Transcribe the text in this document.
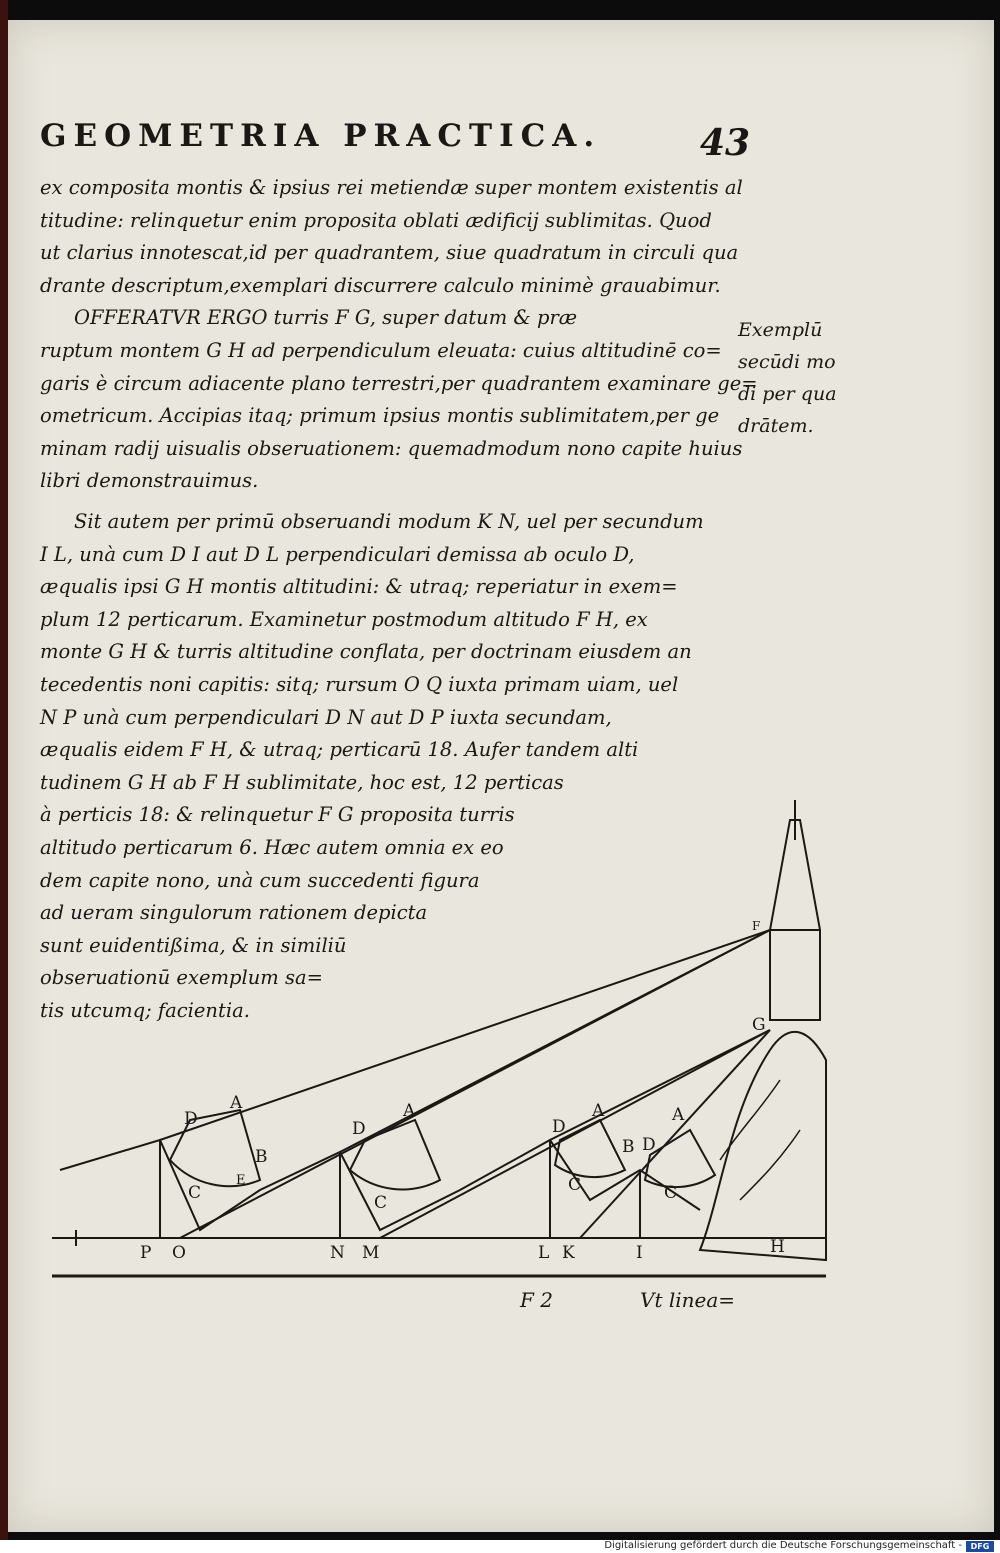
GEOMETRIA PRACTICA.	43
ex composita montis & ipsius rei metiendæ super montem existentis al
titudine: relinquetur enim proposita oblati ædificij sublimitas. Quod
ut clarius innotescat,id per quadrantem, siue quadratum in circuli qua
drante descriptum,exemplari discurrere calculo minimè grauabimur.
OFFERATVR ERGO turris F G, super datum & præ
ruptum montem G H ad perpendiculum eleuata: cuius altitudinē co=
garis è circum adiacente plano terrestri,per quadrantem examinare ge=
ometricum. Accipias itaq; primum ipsius montis sublimitatem,per ge
minam radij uisualis obseruationem: quemadmodum nono capite huius
libri demonstrauimus.
Exemplū
secūdi mo
di per qua
drātem.
Sit autem per primū obseruandi modum K N, uel per secundum
I L, unà cum D I aut D L perpendiculari demissa ab oculo D,
æqualis ipsi G H montis altitudini: & utraq; reperiatur in exem=
plum 12 perticarum. Examinetur postmodum altitudo F H, ex
monte G H & turris altitudine conflata, per doctrinam eiusdem an
tecedentis noni capitis: sitq; rursum O Q iuxta primam uiam, uel
N P unà cum perpendiculari D N aut D P iuxta secundam,
æqualis eidem F H, & utraq; perticarū 18. Aufer tandem alti
tudinem G H ab F H sublimitate, hoc est, 12 perticas
à perticis 18: & relinquetur F G proposita turris
altitudo perticarum 6. Hæc autem omnia ex eo
dem capite nono, unà cum succedenti figura
ad ueram singulorum rationem depicta
sunt euidentißima, & in similiū
obseruationū exemplum sa=
tis utcumq; facientia.
P O	N M	L K	I	H
F
G
A
B
C
D
E
A
C
D
A
C
D
B
A
D
C
F 2	Vt linea=
Digitalisierung gefördert durch die Deutsche Forschungsgemeinschaft -	DFG
